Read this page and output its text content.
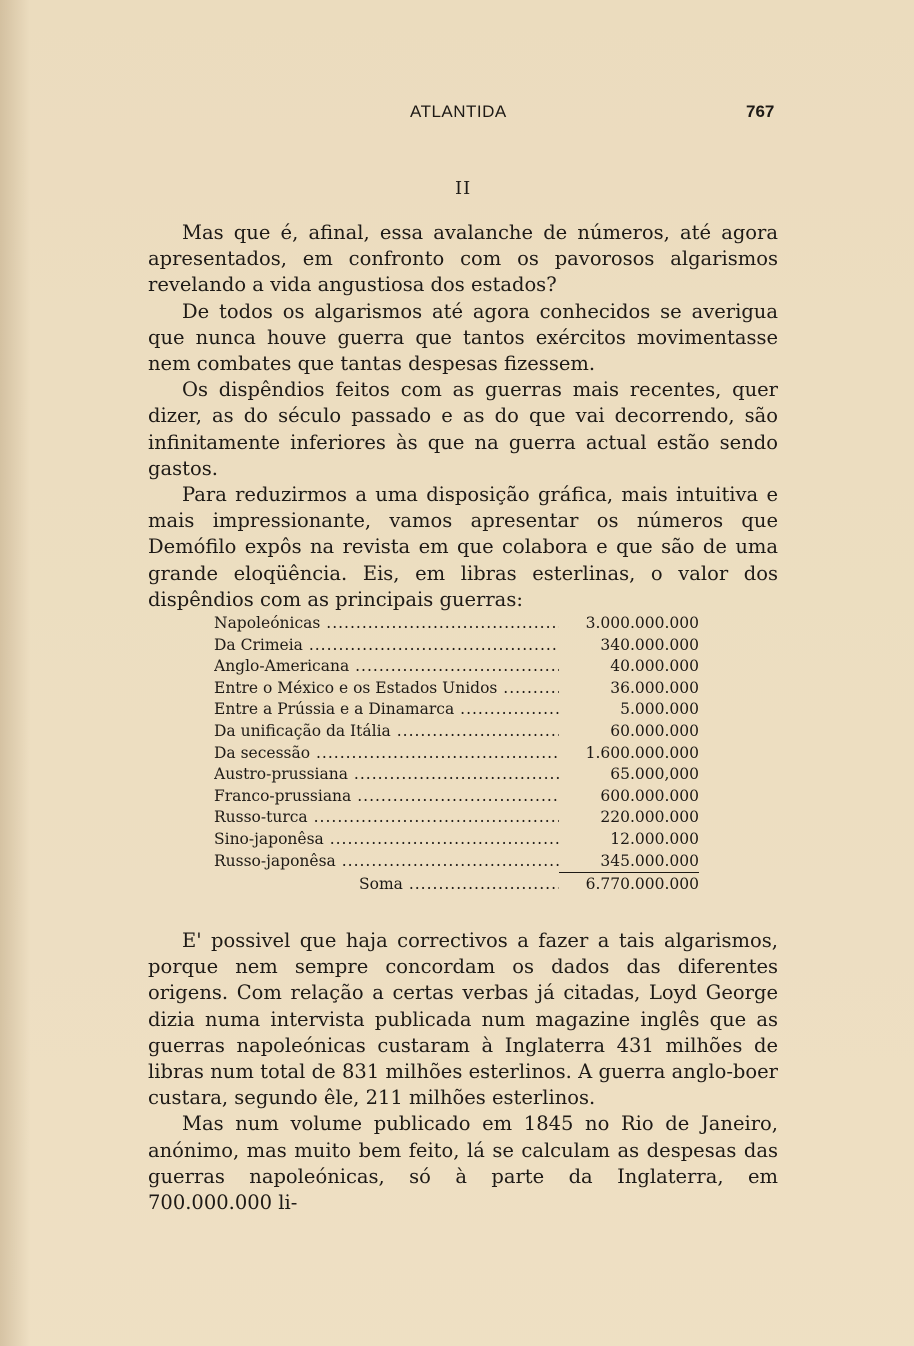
ATLANTIDA	767
II

Mas que é, afinal, essa avalanche de números, até agora apresentados, em confronto com os pavorosos algarismos revelando a vida angustiosa dos estados?

De todos os algarismos até agora conhecidos se averigua que nunca houve guerra que tantos exércitos movimentasse nem combates que tantas despesas fizessem.

Os dispêndios feitos com as guerras mais recentes, quer dizer, as do século passado e as do que vai decorrendo, são infinitamente inferiores às que na guerra actual estão sendo gastos.

Para reduzirmos a uma disposição gráfica, mais intuitiva e mais impressionante, vamos apresentar os números que Demófilo expôs na revista em que colabora e que são de uma grande eloqüência. Eis, em libras esterlinas, o valor dos dispêndios com as principais guerras:

Napoleónicas .....	3.000.000.000
Da Crimeia .....	340.000.000
Anglo-Americana .....	40.000.000
Entre o México e os Estados Unidos .....	36.000.000
Entre a Prússia e a Dinamarca .....	5.000.000
Da unificação da Itália .....	60.000.000
Da secessão .....	1.600.000.000
Austro-prussiana .....	65.000,000
Franco-prussiana .....	600.000.000
Russo-turca .....	220.000.000
Sino-japonêsa .....	12.000.000
Russo-japonêsa .....	345.000.000
Soma .....	6.770.000.000

E' possivel que haja correctivos a fazer a tais algarismos, porque nem sempre concordam os dados das diferentes origens. Com relação a certas verbas já citadas, Loyd George dizia numa intervista publicada num magazine inglês que as guerras napoleónicas custaram à Inglaterra 431 milhões de libras num total de 831 milhões esterlinos. A guerra anglo-boer custara, segundo êle, 211 milhões esterlinos.

Mas num volume publicado em 1845 no Rio de Janeiro, anónimo, mas muito bem feito, lá se calculam as despesas das guerras napoleónicas, só à parte da Inglaterra, em 700.000.000 li-
